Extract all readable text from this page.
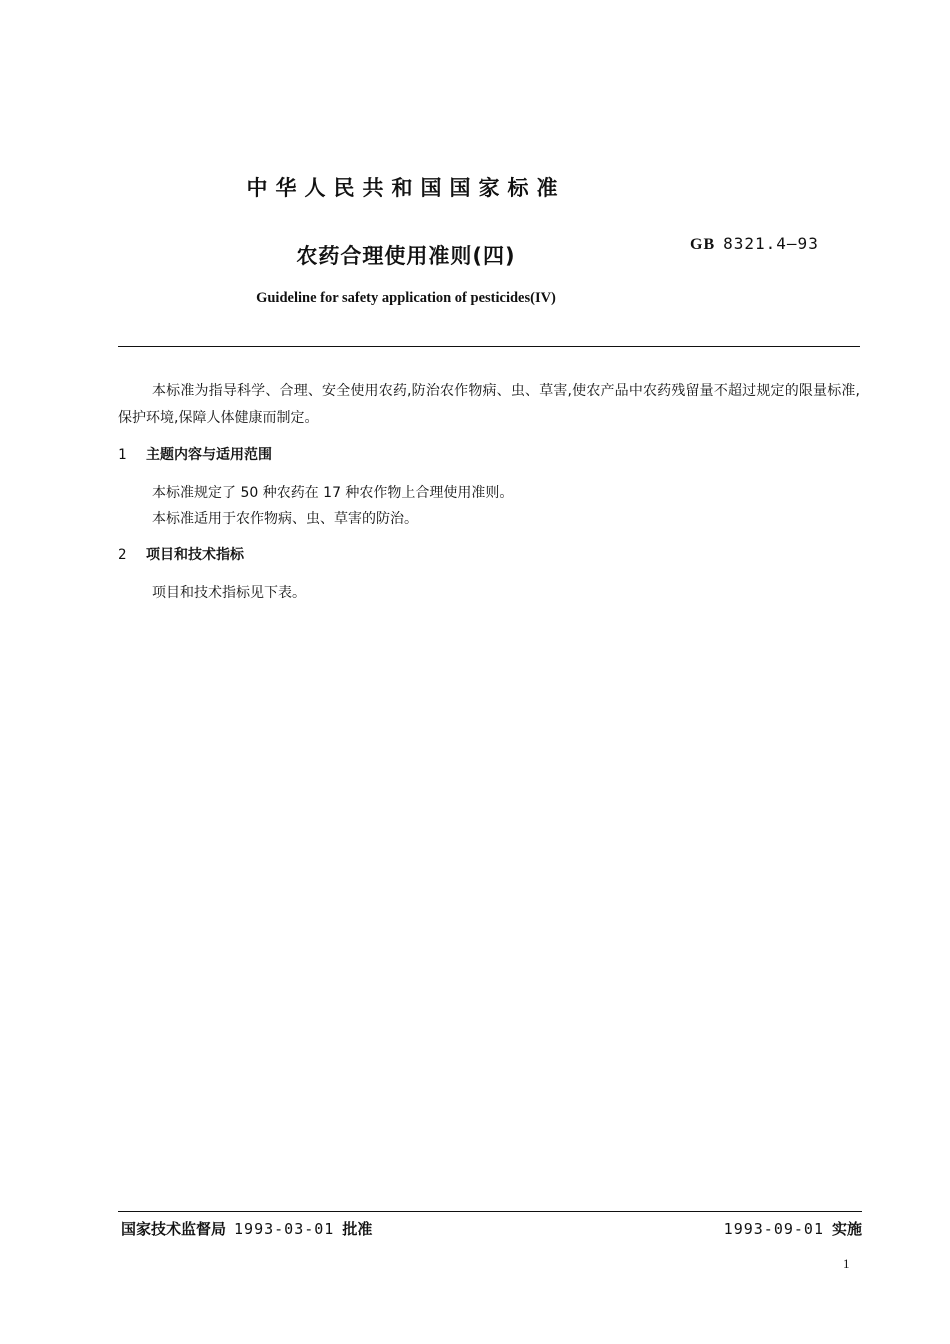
中华人民共和国国家标准
农药合理使用准则(四)	GB 8321.4—93
Guideline for safety application of pesticides(IV)
本标准为指导科学、合理、安全使用农药,防治农作物病、虫、草害,使农产品中农药残留量不超过规定的限量标准,保护环境,保障人体健康而制定。
1 主题内容与适用范围
本标准规定了 50 种农药在 17 种农作物上合理使用准则。
本标准适用于农作物病、虫、草害的防治。
2 项目和技术指标
项目和技术指标见下表。
国家技术监督局 1993-03-01 批准	1993-09-01 实施
1
